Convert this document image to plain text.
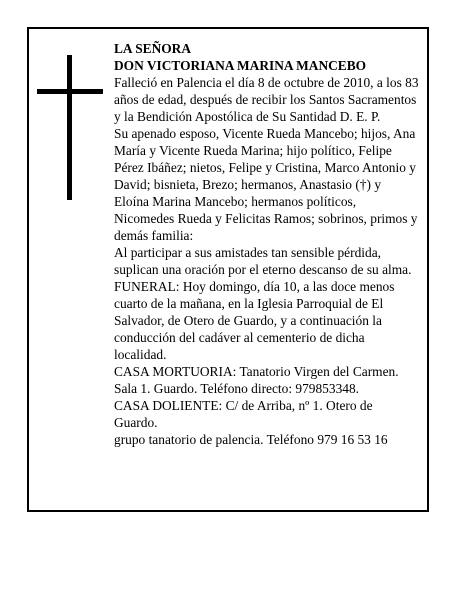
LA SEÑORA

DON VICTORIANA MARINA MANCEBO

Falleció en Palencia el día 8 de octubre de 2010, a los 83 años de edad, después de recibir los Santos Sacramentos y la Bendición Apostólica de Su Santidad D. E. P.

Su apenado esposo, Vicente Rueda Mancebo; hijos, Ana María y Vicente Rueda Marina; hijo político, Felipe Pérez Ibáñez; nietos, Felipe y Cristina, Marco Antonio y David; bisnieta, Brezo; hermanos, Anastasio (†) y Eloína Marina Mancebo; hermanos políticos, Nicomedes Rueda y Felicitas Ramos; sobrinos, primos y demás familia:

Al participar a sus amistades tan sensible pérdida, suplican una oración por el eterno descanso de su alma.

FUNERAL: Hoy domingo, día 10, a las doce menos cuarto de la mañana, en la Iglesia Parroquial de El Salvador, de Otero de Guardo, y a continuación la conducción del cadáver al cementerio de dicha localidad.

CASA MORTUORIA: Tanatorio Virgen del Carmen. Sala 1. Guardo. Teléfono directo: 979853348.

CASA DOLIENTE: C/ de Arriba, nº 1. Otero de Guardo.

grupo tanatorio de palencia. Teléfono 979 16 53 16
